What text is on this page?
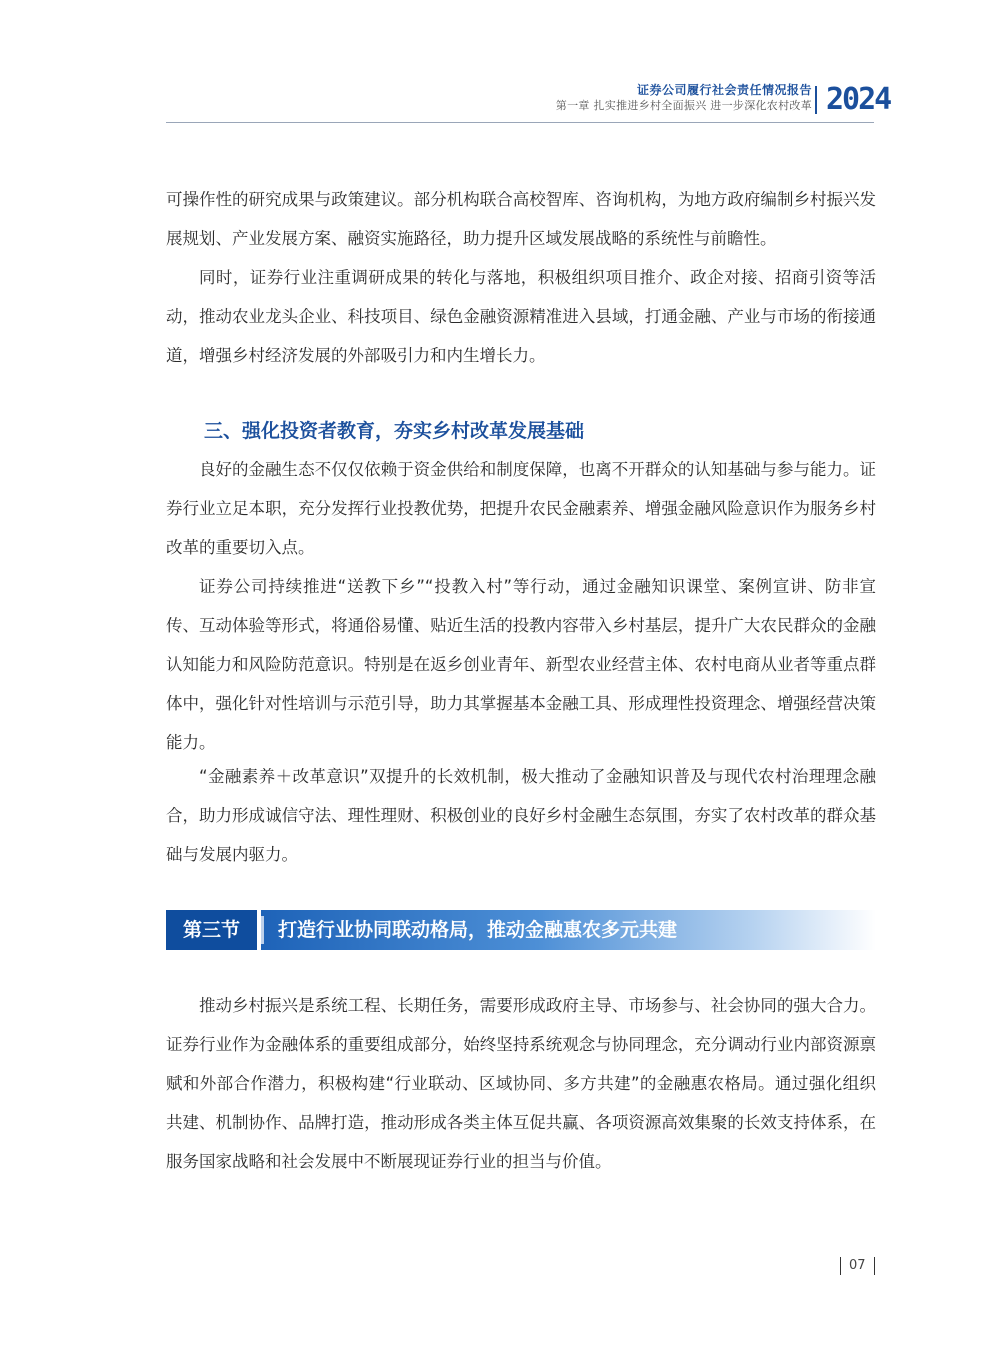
证券公司履行社会责任情况报告
第一章 扎实推进乡村全面振兴 进一步深化农村改革 2024

可操作性的研究成果与政策建议。部分机构联合高校智库、咨询机构，为地方政府编制乡村振兴发展规划、产业发展方案、融资实施路径，助力提升区域发展战略的系统性与前瞻性。

同时，证券行业注重调研成果的转化与落地，积极组织项目推介、政企对接、招商引资等活动，推动农业龙头企业、科技项目、绿色金融资源精准进入县域，打通金融、产业与市场的衔接通道，增强乡村经济发展的外部吸引力和内生增长力。

三、强化投资者教育，夯实乡村改革发展基础

良好的金融生态不仅仅依赖于资金供给和制度保障，也离不开群众的认知基础与参与能力。证券行业立足本职，充分发挥行业投教优势，把提升农民金融素养、增强金融风险意识作为服务乡村改革的重要切入点。

证券公司持续推进“送教下乡”“投教入村”等行动，通过金融知识课堂、案例宣讲、防非宣传、互动体验等形式，将通俗易懂、贴近生活的投教内容带入乡村基层，提升广大农民群众的金融认知能力和风险防范意识。特别是在返乡创业青年、新型农业经营主体、农村电商从业者等重点群体中，强化针对性培训与示范引导，助力其掌握基本金融工具、形成理性投资理念、增强经营决策能力。

“金融素养＋改革意识”双提升的长效机制，极大推动了金融知识普及与现代农村治理理念融合，助力形成诚信守法、理性理财、积极创业的良好乡村金融生态氛围，夯实了农村改革的群众基础与发展内驱力。

第三节	打造行业协同联动格局，推动金融惠农多元共建

推动乡村振兴是系统工程、长期任务，需要形成政府主导、市场参与、社会协同的强大合力。证券行业作为金融体系的重要组成部分，始终坚持系统观念与协同理念，充分调动行业内部资源禀赋和外部合作潜力，积极构建“行业联动、区域协同、多方共建”的金融惠农格局。通过强化组织共建、机制协作、品牌打造，推动形成各类主体互促共赢、各项资源高效集聚的长效支持体系，在服务国家战略和社会发展中不断展现证券行业的担当与价值。

07
